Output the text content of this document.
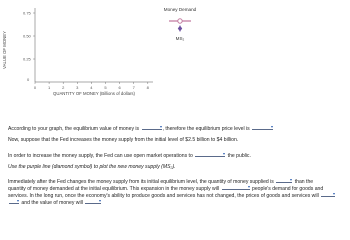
VALUE OF MONEY
0.75
0.50
0.25
0
0	1	2	3	4	5	6	7	8
QUANTITY OF MONEY (Billions of dollars)
Money Demand
MS₂
According to your graph, the equilibrium value of money is	, therefore the equilibrium price level is
Now, suppose that the Fed increases the money supply from the initial level of $2.5 billion to $4 billion.
In order to increase the money supply, the Fed can use open market operations to	the public.
Use the purple line (diamond symbol) to plot the new money supply (MS₂).
Immediately after the Fed changes the money supply from its initial equilibrium level, the quantity of money supplied is	than the
quantity of money demanded at the initial equilibrium. This expansion in the money supply will	people's demand for goods and
services. In the long run, once the economy's ability to produce goods and services has not changed, the prices of goods and services will
and the value of money will
